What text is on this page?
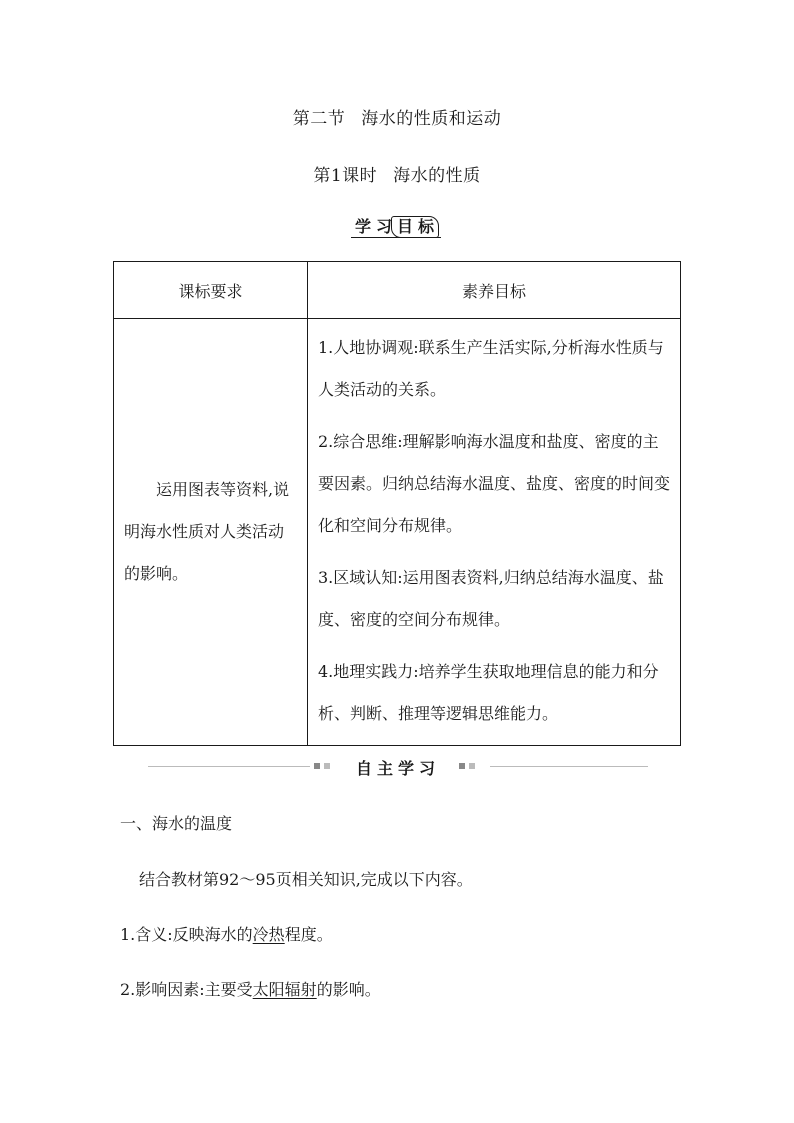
第二节 海水的性质和运动
第1课时 海水的性质
学习目标
课标要求	素养目标

运用图表等资料,说明海水性质对人类活动的影响。	1.人地协调观:联系生产生活实际,分析海水性质与人类活动的关系。
2.综合思维:理解影响海水温度和盐度、密度的主要因素。归纳总结海水温度、盐度、密度的时间变化和空间分布规律。
3.区域认知:运用图表资料,归纳总结海水温度、盐度、密度的空间分布规律。
4.地理实践力:培养学生获取地理信息的能力和分析、判断、推理等逻辑思维能力。
自主学习
一、海水的温度
结合教材第92～95页相关知识,完成以下内容。
1.含义:反映海水的冷热程度。
2.影响因素:主要受太阳辐射的影响。
